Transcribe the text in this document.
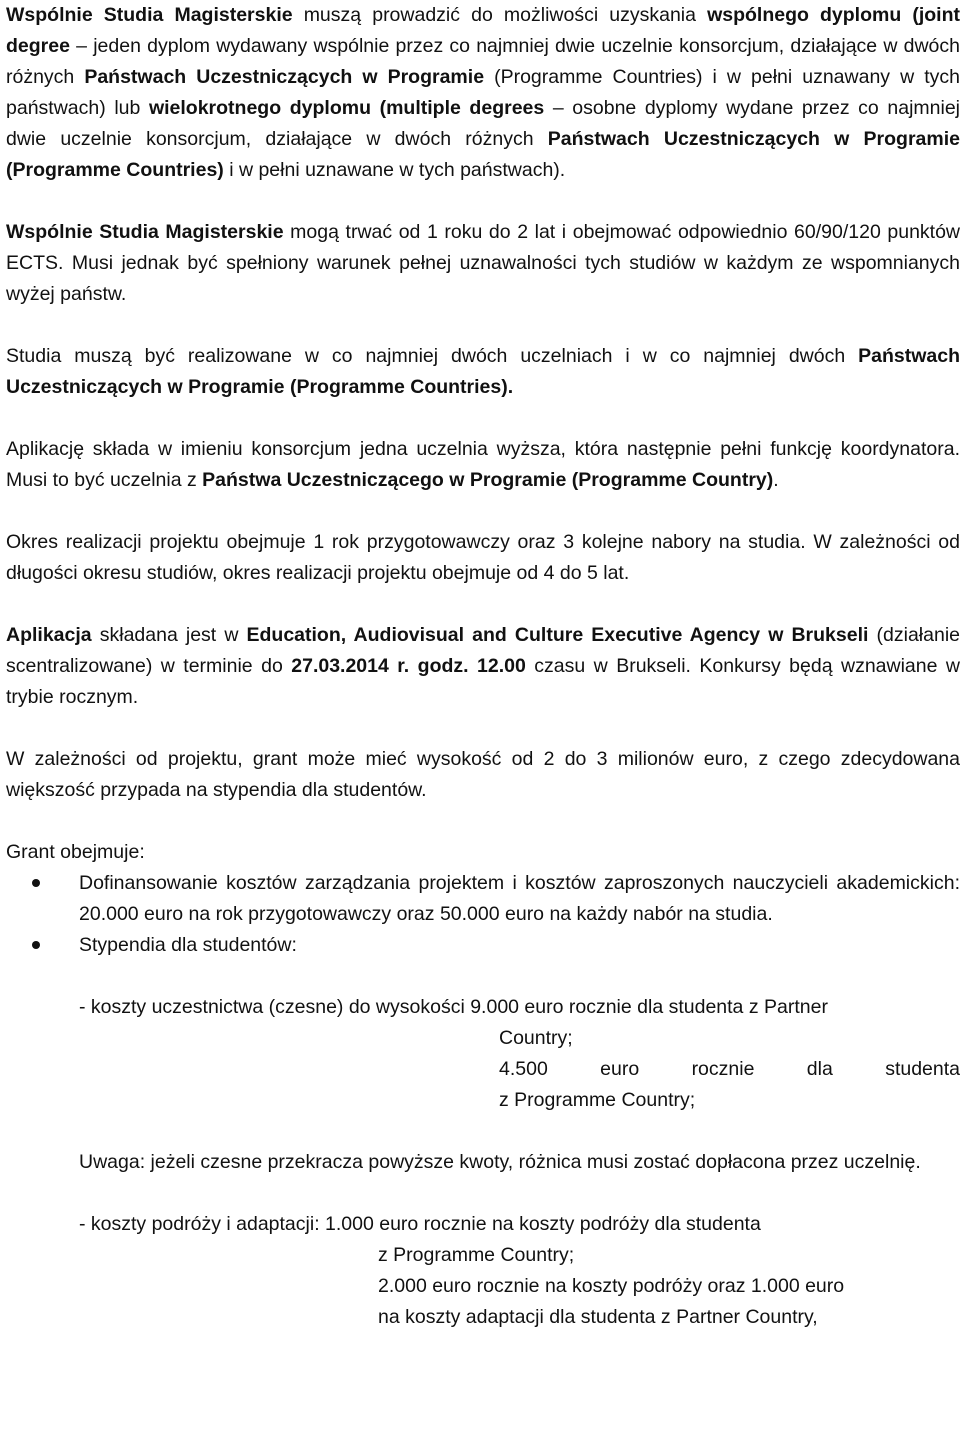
Wspólnie Studia Magisterskie muszą prowadzić do możliwości uzyskania wspólnego dyplomu (joint degree – jeden dyplom wydawany wspólnie przez co najmniej dwie uczelnie konsorcjum, działające w dwóch różnych Państwach Uczestniczących w Programie (Programme Countries) i w pełni uznawany w tych państwach) lub wielokrotnego dyplomu (multiple degrees – osobne dyplomy wydane przez co najmniej dwie uczelnie konsorcjum, działające w dwóch różnych Państwach Uczestniczących w Programie (Programme Countries) i w pełni uznawane w tych państwach).

Wspólnie Studia Magisterskie mogą trwać od 1 roku do 2 lat i obejmować odpowiednio 60/90/120 punktów ECTS. Musi jednak być spełniony warunek pełnej uznawalności tych studiów w każdym ze wspomnianych wyżej państw.

Studia muszą być realizowane w co najmniej dwóch uczelniach i w co najmniej dwóch Państwach Uczestniczących w Programie (Programme Countries).

Aplikację składa w imieniu konsorcjum jedna uczelnia wyższa, która następnie pełni funkcję koordynatora. Musi to być uczelnia z Państwa Uczestniczącego w Programie (Programme Country).

Okres realizacji projektu obejmuje 1 rok przygotowawczy oraz 3 kolejne nabory na studia. W zależności od długości okresu studiów, okres realizacji projektu obejmuje od 4 do 5 lat.

Aplikacja składana jest w Education, Audiovisual and Culture Executive Agency w Brukseli (działanie scentralizowane) w terminie do 27.03.2014 r. godz. 12.00 czasu w Brukseli. Konkursy będą wznawiane w trybie rocznym.

W zależności od projektu, grant może mieć wysokość od 2 do 3 milionów euro, z czego zdecydowana większość przypada na stypendia dla studentów.

Grant obejmuje:

Dofinansowanie kosztów zarządzania projektem i kosztów zaproszonych nauczycieli akademickich: 20.000 euro na rok przygotowawczy oraz 50.000 euro na każdy nabór na studia.
Stypendia dla studentów:

- koszty uczestnictwa (czesne) do wysokości 9.000 euro rocznie dla studenta z Partner

Country;

4.500	euro	rocznie	dla	studenta

z Programme Country;

Uwaga: jeżeli czesne przekracza powyższe kwoty, różnica musi zostać dopłacona przez uczelnię.

- koszty podróży i adaptacji: 1.000 euro rocznie na koszty podróży dla studenta

z Programme Country;

2.000 euro rocznie na koszty podróży oraz 1.000 euro

na koszty adaptacji dla studenta z Partner Country,
